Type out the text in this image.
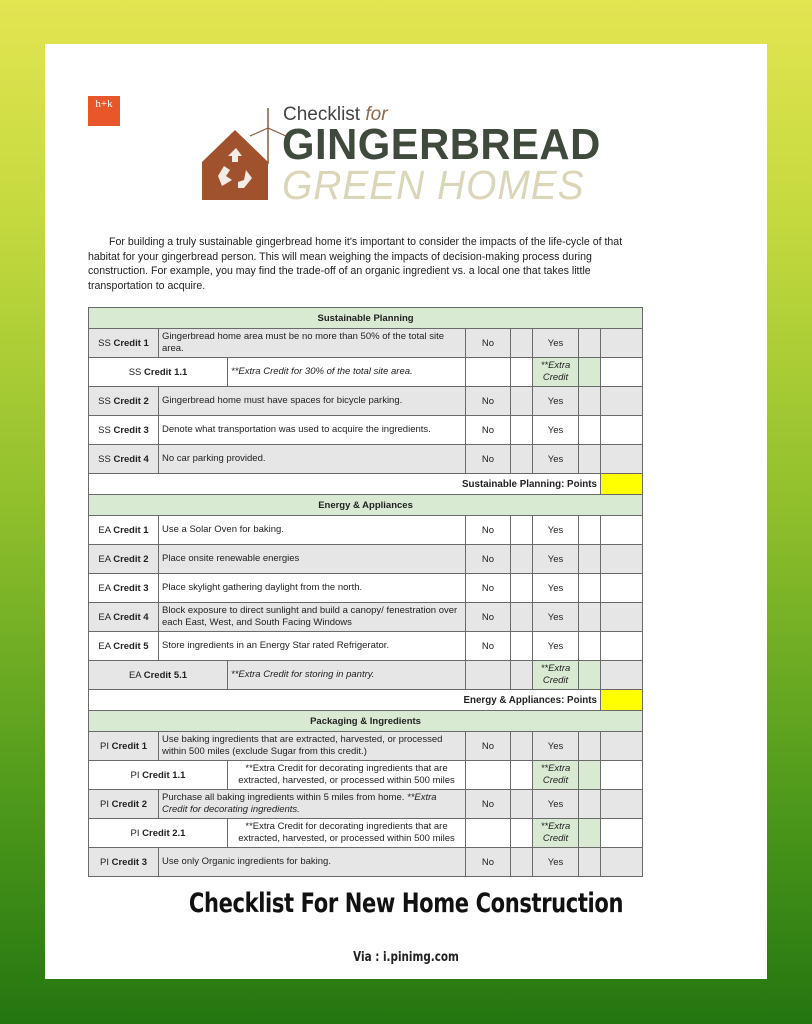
h+k	Checklist for
GINGERBREAD
GREEN HOMES
For building a truly sustainable gingerbread home it's important to consider the impacts of the life-cycle of that habitat for your gingerbread person. This will mean weighing the impacts of decision-making process during construction. For example, you may find the trade-off of an organic ingredient vs. a local one that takes little transportation to acquire.
Sustainable Planning							
SS Credit 1	Gingerbread home area must be no more than 50% of the total site area.		No		Yes		
SS Credit 1.1		**Extra Credit for 30% of the total site area.			**Extra Credit		
SS Credit 2	Gingerbread home must have spaces for bicycle parking.		No		Yes		
SS Credit 3	Denote what transportation was used to acquire the ingredients.		No		Yes		
SS Credit 4	No car parking provided.		No		Yes		
Sustainable Planning: Points							
Energy & Appliances							
EA Credit 1	Use a Solar Oven for baking.		No		Yes		
EA Credit 2	Place onsite renewable energies		No		Yes		
EA Credit 3	Place skylight gathering daylight from the north.		No		Yes		
EA Credit 4	Block exposure to direct sunlight and build a canopy/ fenestration over each East, West, and South Facing Windows		No		Yes		
EA Credit 5	Store ingredients in an Energy Star rated Refrigerator.		No		Yes		
EA Credit 5.1		**Extra Credit for storing in pantry.			**Extra Credit		
Energy & Appliances: Points							
Packaging & Ingredients							
PI Credit 1	Use baking ingredients that are extracted, harvested, or processed within 500 miles (exclude Sugar from this credit.)		No		Yes		
PI Credit 1.1		**Extra Credit for decorating ingredients that are extracted, harvested, or processed within 500 miles			**Extra Credit		
PI Credit 2	Purchase all baking ingredients within 5 miles from home. **Extra Credit for decorating ingredients.		No		Yes		
PI Credit 2.1		**Extra Credit for decorating ingredients that are extracted, harvested, or processed within 500 miles			**Extra Credit		
PI Credit 3	Use only Organic ingredients for baking.		No		Yes		
Checklist For New Home Construction
Via : i.pinimg.com
